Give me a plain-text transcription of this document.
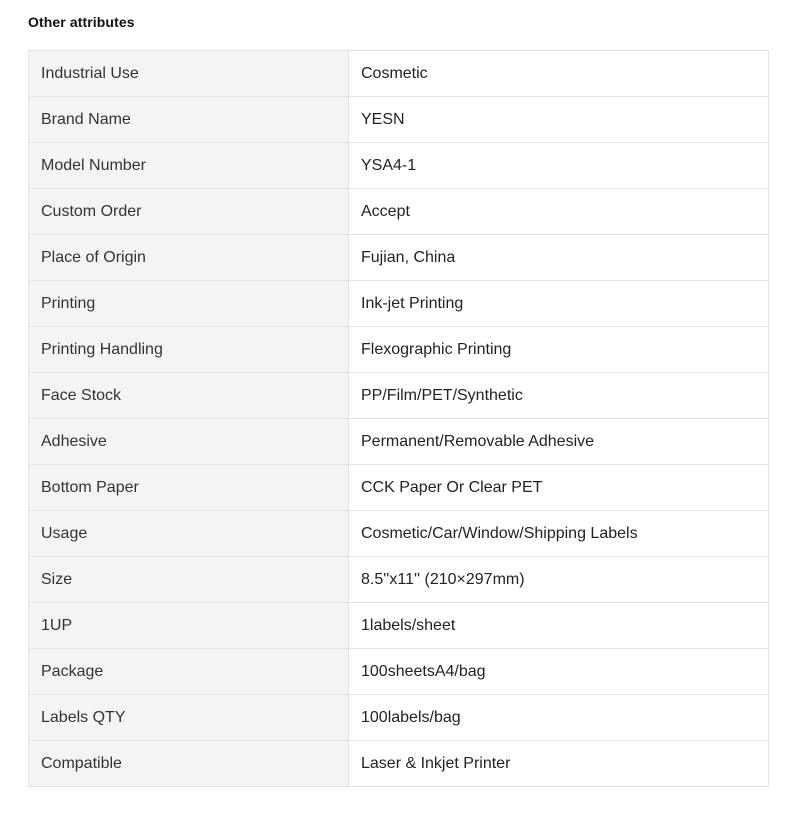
Other attributes
Industrial Use	Cosmetic
Brand Name	YESN
Model Number	YSA4-1
Custom Order	Accept
Place of Origin	Fujian, China
Printing	Ink-jet Printing
Printing Handling	Flexographic Printing
Face Stock	PP/Film/PET/Synthetic
Adhesive	Permanent/Removable Adhesive
Bottom Paper	CCK Paper Or Clear PET
Usage	Cosmetic/Car/Window/Shipping Labels
Size	8.5''x11'' (210×297mm)
1UP	1labels/sheet
Package	100sheetsA4/bag
Labels QTY	100labels/bag
Compatible	Laser & Inkjet Printer
